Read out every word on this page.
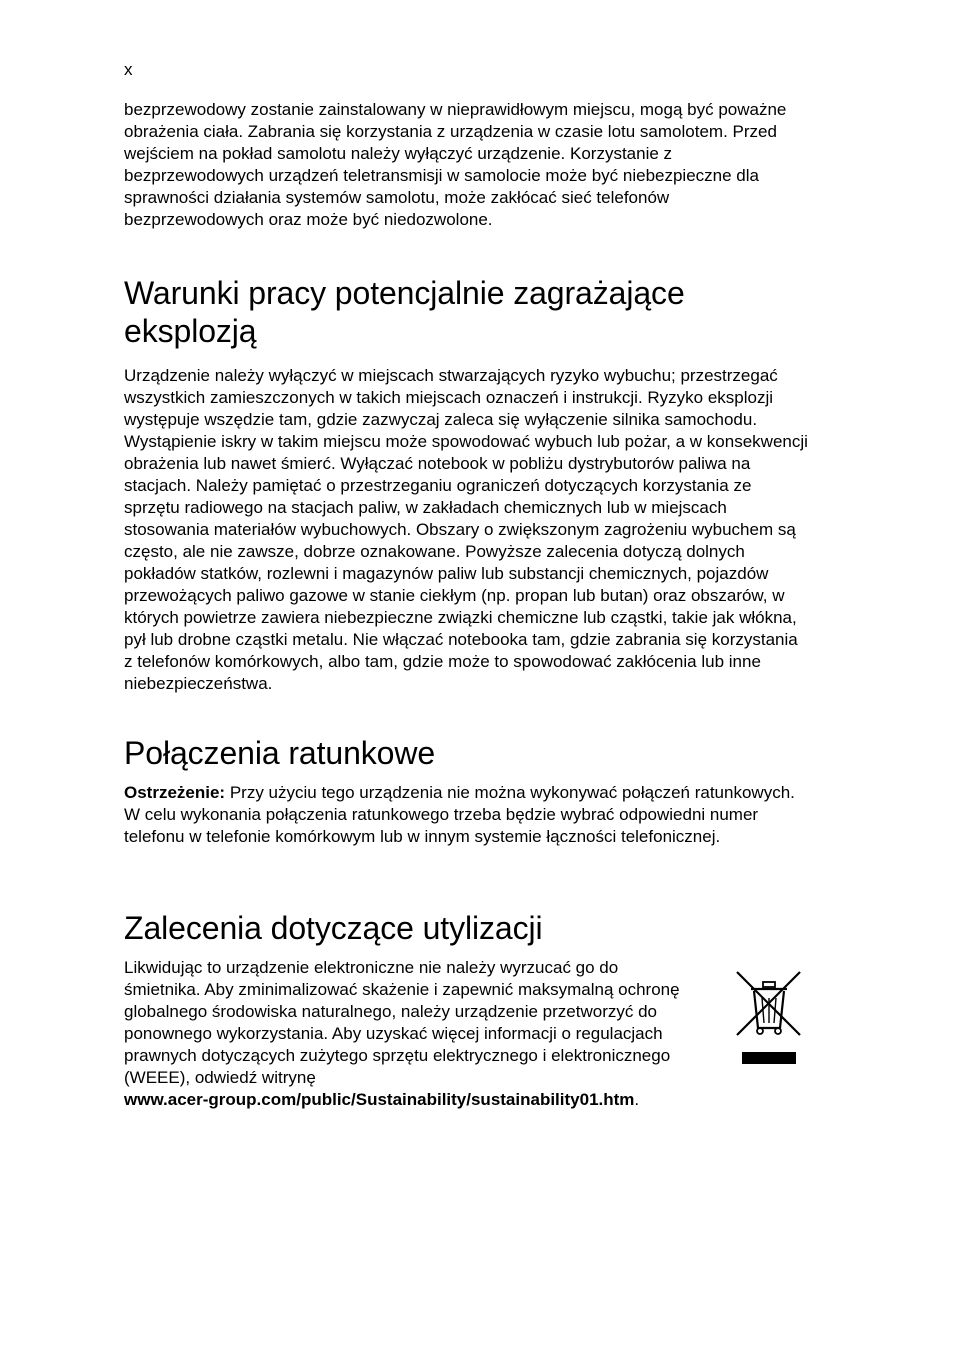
x

bezprzewodowy zostanie zainstalowany w nieprawidłowym miejscu, mogą być poważne obrażenia ciała. Zabrania się korzystania z urządzenia w czasie lotu samolotem. Przed wejściem na pokład samolotu należy wyłączyć urządzenie. Korzystanie z bezprzewodowych urządzeń teletransmisji w samolocie może być niebezpieczne dla sprawności działania systemów samolotu, może zakłócać sieć telefonów bezprzewodowych oraz może być niedozwolone.

Warunki pracy potencjalnie zagrażające eksplozją

Urządzenie należy wyłączyć w miejscach stwarzających ryzyko wybuchu; przestrzegać wszystkich zamieszczonych w takich miejscach oznaczeń i instrukcji. Ryzyko eksplozji występuje wszędzie tam, gdzie zazwyczaj zaleca się wyłączenie silnika samochodu. Wystąpienie iskry w takim miejscu może spowodować wybuch lub pożar, a w konsekwencji obrażenia lub nawet śmierć. Wyłączać notebook w pobliżu dystrybutorów paliwa na stacjach. Należy pamiętać o przestrzeganiu ograniczeń dotyczących korzystania ze sprzętu radiowego na stacjach paliw, w zakładach chemicznych lub w miejscach stosowania materiałów wybuchowych. Obszary o zwiększonym zagrożeniu wybuchem są często, ale nie zawsze, dobrze oznakowane. Powyższe zalecenia dotyczą dolnych pokładów statków, rozlewni i magazynów paliw lub substancji chemicznych, pojazdów przewożących paliwo gazowe w stanie ciekłym (np. propan lub butan) oraz obszarów, w których powietrze zawiera niebezpieczne związki chemiczne lub cząstki, takie jak włókna, pył lub drobne cząstki metalu. Nie włączać notebooka tam, gdzie zabrania się korzystania z telefonów komórkowych, albo tam, gdzie może to spowodować zakłócenia lub inne niebezpieczeństwa.

Połączenia ratunkowe

Ostrzeżenie: Przy użyciu tego urządzenia nie można wykonywać połączeń ratunkowych. W celu wykonania połączenia ratunkowego trzeba będzie wybrać odpowiedni numer telefonu w telefonie komórkowym lub w innym systemie łączności telefonicznej.

Zalecenia dotyczące utylizacji

Likwidując to urządzenie elektroniczne nie należy wyrzucać go do śmietnika. Aby zminimalizować skażenie i zapewnić maksymalną ochronę globalnego środowiska naturalnego, należy urządzenie przetworzyć do ponownego wykorzystania. Aby uzyskać więcej informacji o regulacjach prawnych dotyczących zużytego sprzętu elektrycznego i elektronicznego (WEEE), odwiedź witrynę
www.acer-group.com/public/Sustainability/sustainability01.htm.
